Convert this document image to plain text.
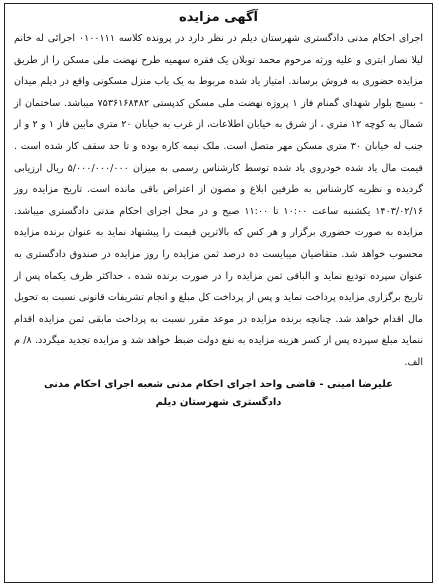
آگهی مزایده

اجرای احکام مدنی دادگستری شهرستان دیلم در نظر دارد در پرونده کلاسه ۰۱۰۰۱۱۱ اجرائی له خانم لیلا نصار ابتری و علیه ورثه مرحوم محمد توبلان یک فقره سهمیه طرح نهضت ملی مسکن را از طریق مزایده حضوری به فروش برساند. امتیاز یاد شده مربوط به یک باب منزل مسکونی واقع در دیلم میدان - بسیج بلوار شهدای گمنام فاز ۱ پروژه نهضت ملی مسکن کدپستی ۷۵۳۶۱۶۸۴۸۲ میباشد. ساختمان از شمال به کوچه ۱۲ متری ، از شرق به خیابان اطلاعات، از غرب به خیابان ۲۰ متری مابین فاز ۱ و ۲ و از جنب له خیابان ۳۰ متری مسکن مهر متصل است. ملک نیمه کاره بوده و تا حد سقف کار شده است . قیمت مال یاد شده خودروی یاد شده توسط کارشناس رسمی به میزان ۵/۰۰۰/۰۰۰/۰۰۰ ریال ارزیابی گردیده و نظریه کارشناس به طرفین ابلاغ و مصون از اعتراض باقی مانده است. تاریخ مزایده روز ۱۴۰۳/۰۲/۱۶ یکشنبه ساعت ۱۰:۰۰ تا ۱۱:۰۰ صبح و در محل اجرای احکام مدنی دادگستری میباشد. مزایده به صورت حضوری برگزار و هر کس که بالاترین قیمت را پیشنهاد نماید به عنوان برنده مزایده محسوب خواهد شد. متقاضیان میبایست ده درصد ثمن مزایده را روز مزایده در صندوق دادگستری به عنوان سپرده تودیع نماید و الباقی ثمن مزایده را در صورت برنده شده ، حداکثر ظرف یکماه پس از تاریخ برگزاری مزایده پرداخت نماید و پس از پرداخت کل مبلغ و انجام تشریفات قانونی نسبت به تحویل مال اقدام خواهد شد. چنانچه برنده مزایده در موعد مقرر نسبت به پرداخت مابقی ثمن مزایده اقدام ننماید مبلغ سپرده پس از کسر هزینه مزایده به نفع دولت ضبط خواهد شد و مزایده تجدید میگردد. ۸/ م الف.

علیرضا امینی - قاضی واحد اجرای احکام مدنی شعبه اجرای احکام مدنی
دادگستری شهرستان دیلم
